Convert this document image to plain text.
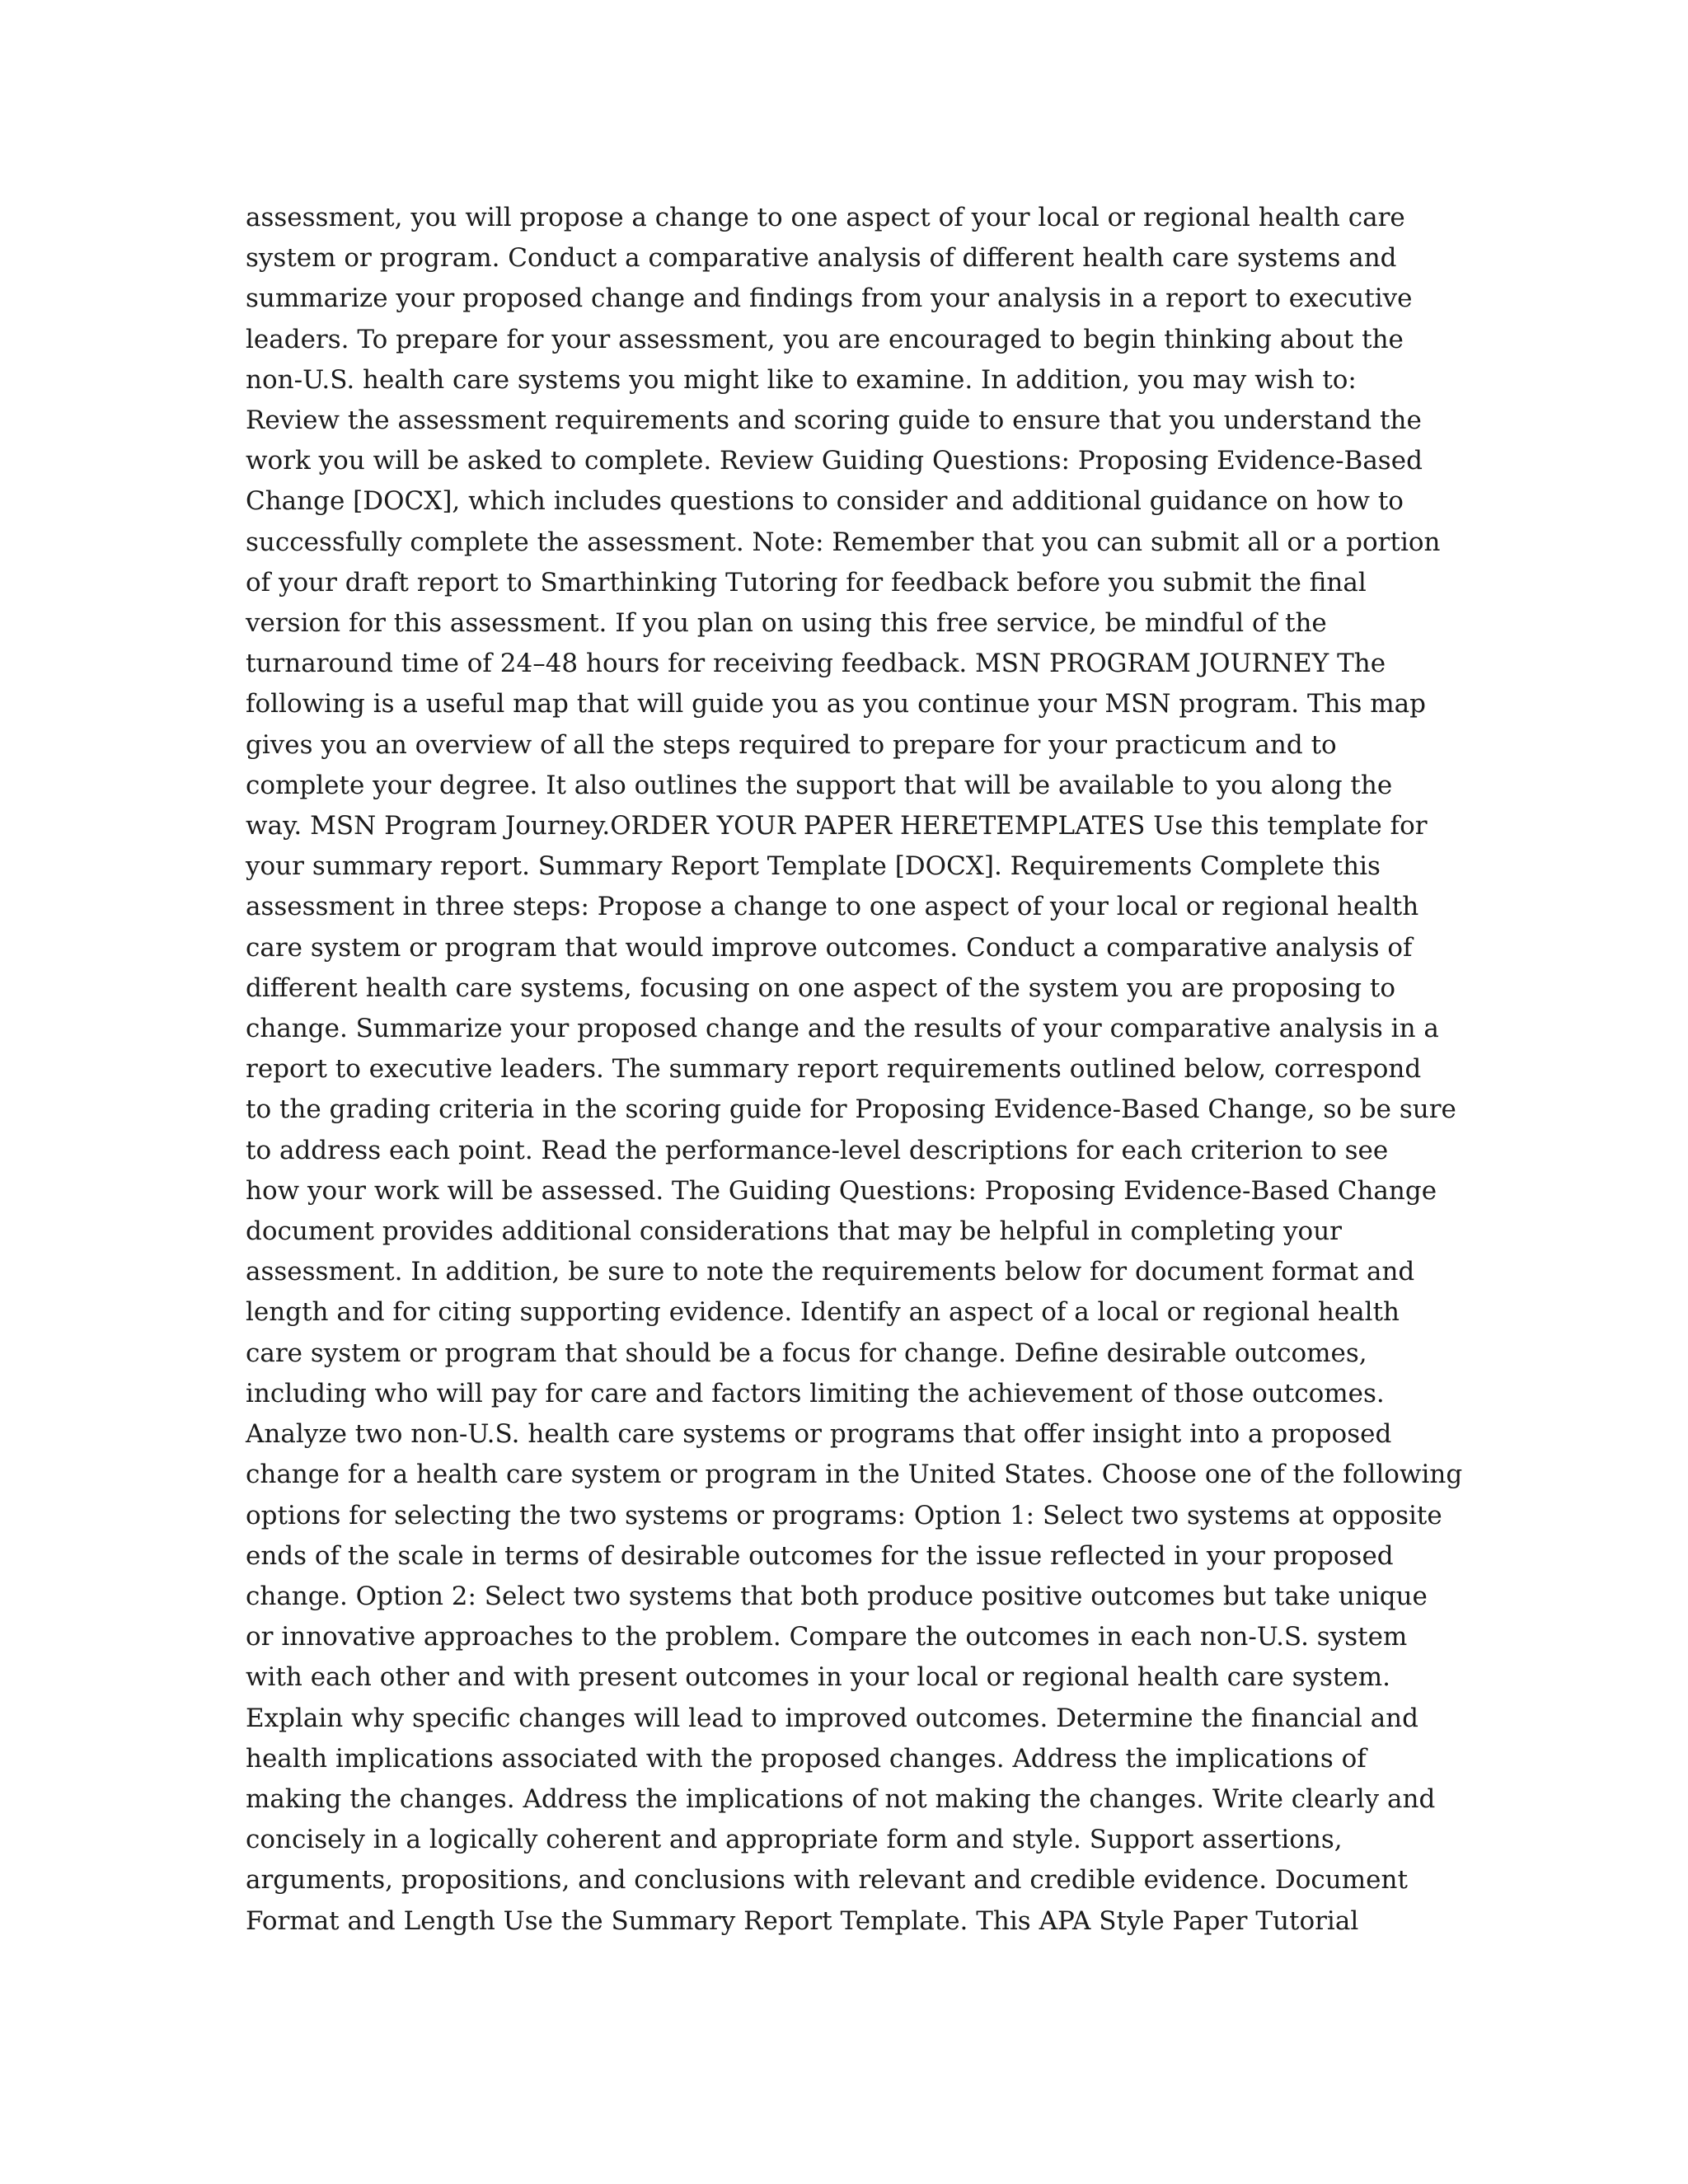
assessment, you will propose a change to one aspect of your local or regional health care
system or program. Conduct a comparative analysis of different health care systems and
summarize your proposed change and findings from your analysis in a report to executive
leaders. To prepare for your assessment, you are encouraged to begin thinking about the
non-U.S. health care systems you might like to examine. In addition, you may wish to:
Review the assessment requirements and scoring guide to ensure that you understand the
work you will be asked to complete. Review Guiding Questions: Proposing Evidence-Based
Change [DOCX], which includes questions to consider and additional guidance on how to
successfully complete the assessment. Note: Remember that you can submit all or a portion
of your draft report to Smarthinking Tutoring for feedback before you submit the final
version for this assessment. If you plan on using this free service, be mindful of the
turnaround time of 24–48 hours for receiving feedback. MSN PROGRAM JOURNEY The
following is a useful map that will guide you as you continue your MSN program. This map
gives you an overview of all the steps required to prepare for your practicum and to
complete your degree. It also outlines the support that will be available to you along the
way. MSN Program Journey.ORDER YOUR PAPER HERETEMPLATES Use this template for
your summary report. Summary Report Template [DOCX]. Requirements Complete this
assessment in three steps: Propose a change to one aspect of your local or regional health
care system or program that would improve outcomes. Conduct a comparative analysis of
different health care systems, focusing on one aspect of the system you are proposing to
change. Summarize your proposed change and the results of your comparative analysis in a
report to executive leaders. The summary report requirements outlined below, correspond
to the grading criteria in the scoring guide for Proposing Evidence-Based Change, so be sure
to address each point. Read the performance-level descriptions for each criterion to see
how your work will be assessed. The Guiding Questions: Proposing Evidence-Based Change
document provides additional considerations that may be helpful in completing your
assessment. In addition, be sure to note the requirements below for document format and
length and for citing supporting evidence. Identify an aspect of a local or regional health
care system or program that should be a focus for change. Define desirable outcomes,
including who will pay for care and factors limiting the achievement of those outcomes.
Analyze two non-U.S. health care systems or programs that offer insight into a proposed
change for a health care system or program in the United States. Choose one of the following
options for selecting the two systems or programs: Option 1: Select two systems at opposite
ends of the scale in terms of desirable outcomes for the issue reflected in your proposed
change. Option 2: Select two systems that both produce positive outcomes but take unique
or innovative approaches to the problem. Compare the outcomes in each non-U.S. system
with each other and with present outcomes in your local or regional health care system.
Explain why specific changes will lead to improved outcomes. Determine the financial and
health implications associated with the proposed changes. Address the implications of
making the changes. Address the implications of not making the changes. Write clearly and
concisely in a logically coherent and appropriate form and style. Support assertions,
arguments, propositions, and conclusions with relevant and credible evidence. Document
Format and Length Use the Summary Report Template. This APA Style Paper Tutorial
